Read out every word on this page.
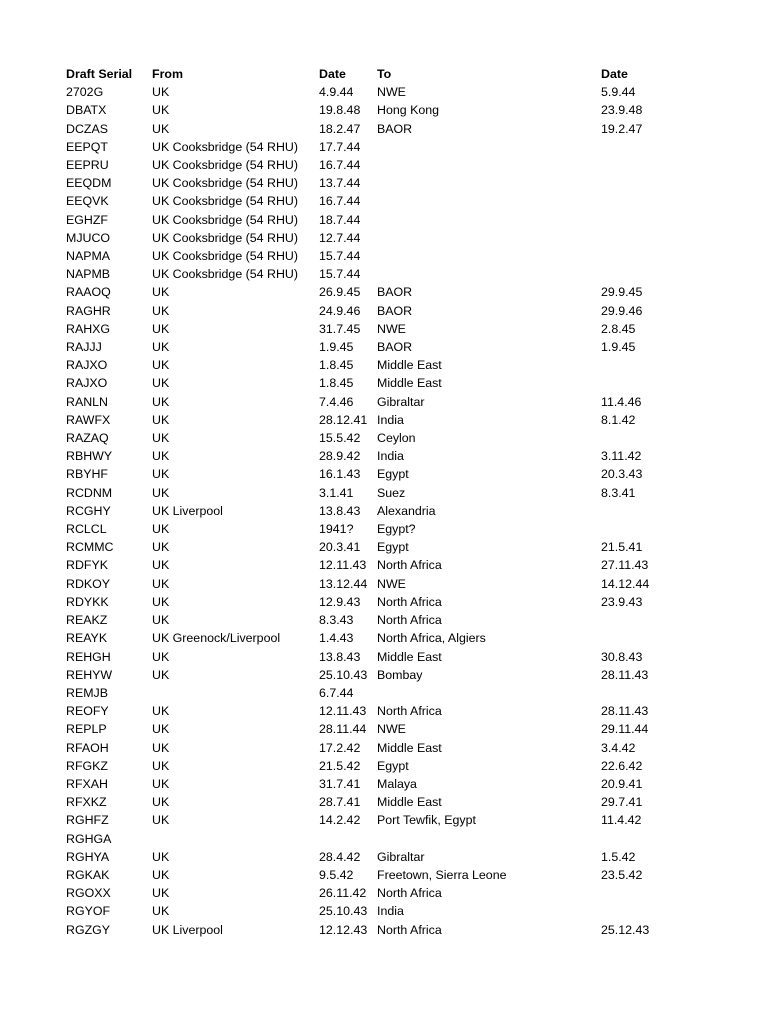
Draft Serial	From	Date	To	Date
2702G	UK	4.9.44	NWE	5.9.44
DBATX	UK	19.8.48	Hong Kong	23.9.48
DCZAS	UK	18.2.47	BAOR	19.2.47
EEPQT	UK Cooksbridge (54 RHU)	17.7.44		
EEPRU	UK Cooksbridge (54 RHU)	16.7.44		
EEQDM	UK Cooksbridge (54 RHU)	13.7.44		
EEQVK	UK Cooksbridge (54 RHU)	16.7.44		
EGHZF	UK Cooksbridge (54 RHU)	18.7.44		
MJUCO	UK Cooksbridge (54 RHU)	12.7.44		
NAPMA	UK Cooksbridge (54 RHU)	15.7.44		
NAPMB	UK Cooksbridge (54 RHU)	15.7.44		
RAAOQ	UK	26.9.45	BAOR	29.9.45
RAGHR	UK	24.9.46	BAOR	29.9.46
RAHXG	UK	31.7.45	NWE	2.8.45
RAJJJ	UK	1.9.45	BAOR	1.9.45
RAJXO	UK	1.8.45	Middle East	
RAJXO	UK	1.8.45	Middle East	
RANLN	UK	7.4.46	Gibraltar	11.4.46
RAWFX	UK	28.12.41	India	8.1.42
RAZAQ	UK	15.5.42	Ceylon	
RBHWY	UK	28.9.42	India	3.11.42
RBYHF	UK	16.1.43	Egypt	20.3.43
RCDNM	UK	3.1.41	Suez	8.3.41
RCGHY	UK Liverpool	13.8.43	Alexandria	
RCLCL	UK	1941?	Egypt?	
RCMMC	UK	20.3.41	Egypt	21.5.41
RDFYK	UK	12.11.43	North Africa	27.11.43
RDKOY	UK	13.12.44	NWE	14.12.44
RDYKK	UK	12.9.43	North Africa	23.9.43
REAKZ	UK	8.3.43	North Africa	
REAYK	UK Greenock/Liverpool	1.4.43	North Africa, Algiers	
REHGH	UK	13.8.43	Middle East	30.8.43
REHYW	UK	25.10.43	Bombay	28.11.43
REMJB		6.7.44		
REOFY	UK	12.11.43	North Africa	28.11.43
REPLP	UK	28.11.44	NWE	29.11.44
RFAOH	UK	17.2.42	Middle East	3.4.42
RFGKZ	UK	21.5.42	Egypt	22.6.42
RFXAH	UK	31.7.41	Malaya	20.9.41
RFXKZ	UK	28.7.41	Middle East	29.7.41
RGHFZ	UK	14.2.42	Port Tewfik, Egypt	11.4.42
RGHGA				
RGHYA	UK	28.4.42	Gibraltar	1.5.42
RGKAK	UK	9.5.42	Freetown, Sierra Leone	23.5.42
RGOXX	UK	26.11.42	North Africa	
RGYOF	UK	25.10.43	India	
RGZGY	UK Liverpool	12.12.43	North Africa	25.12.43
